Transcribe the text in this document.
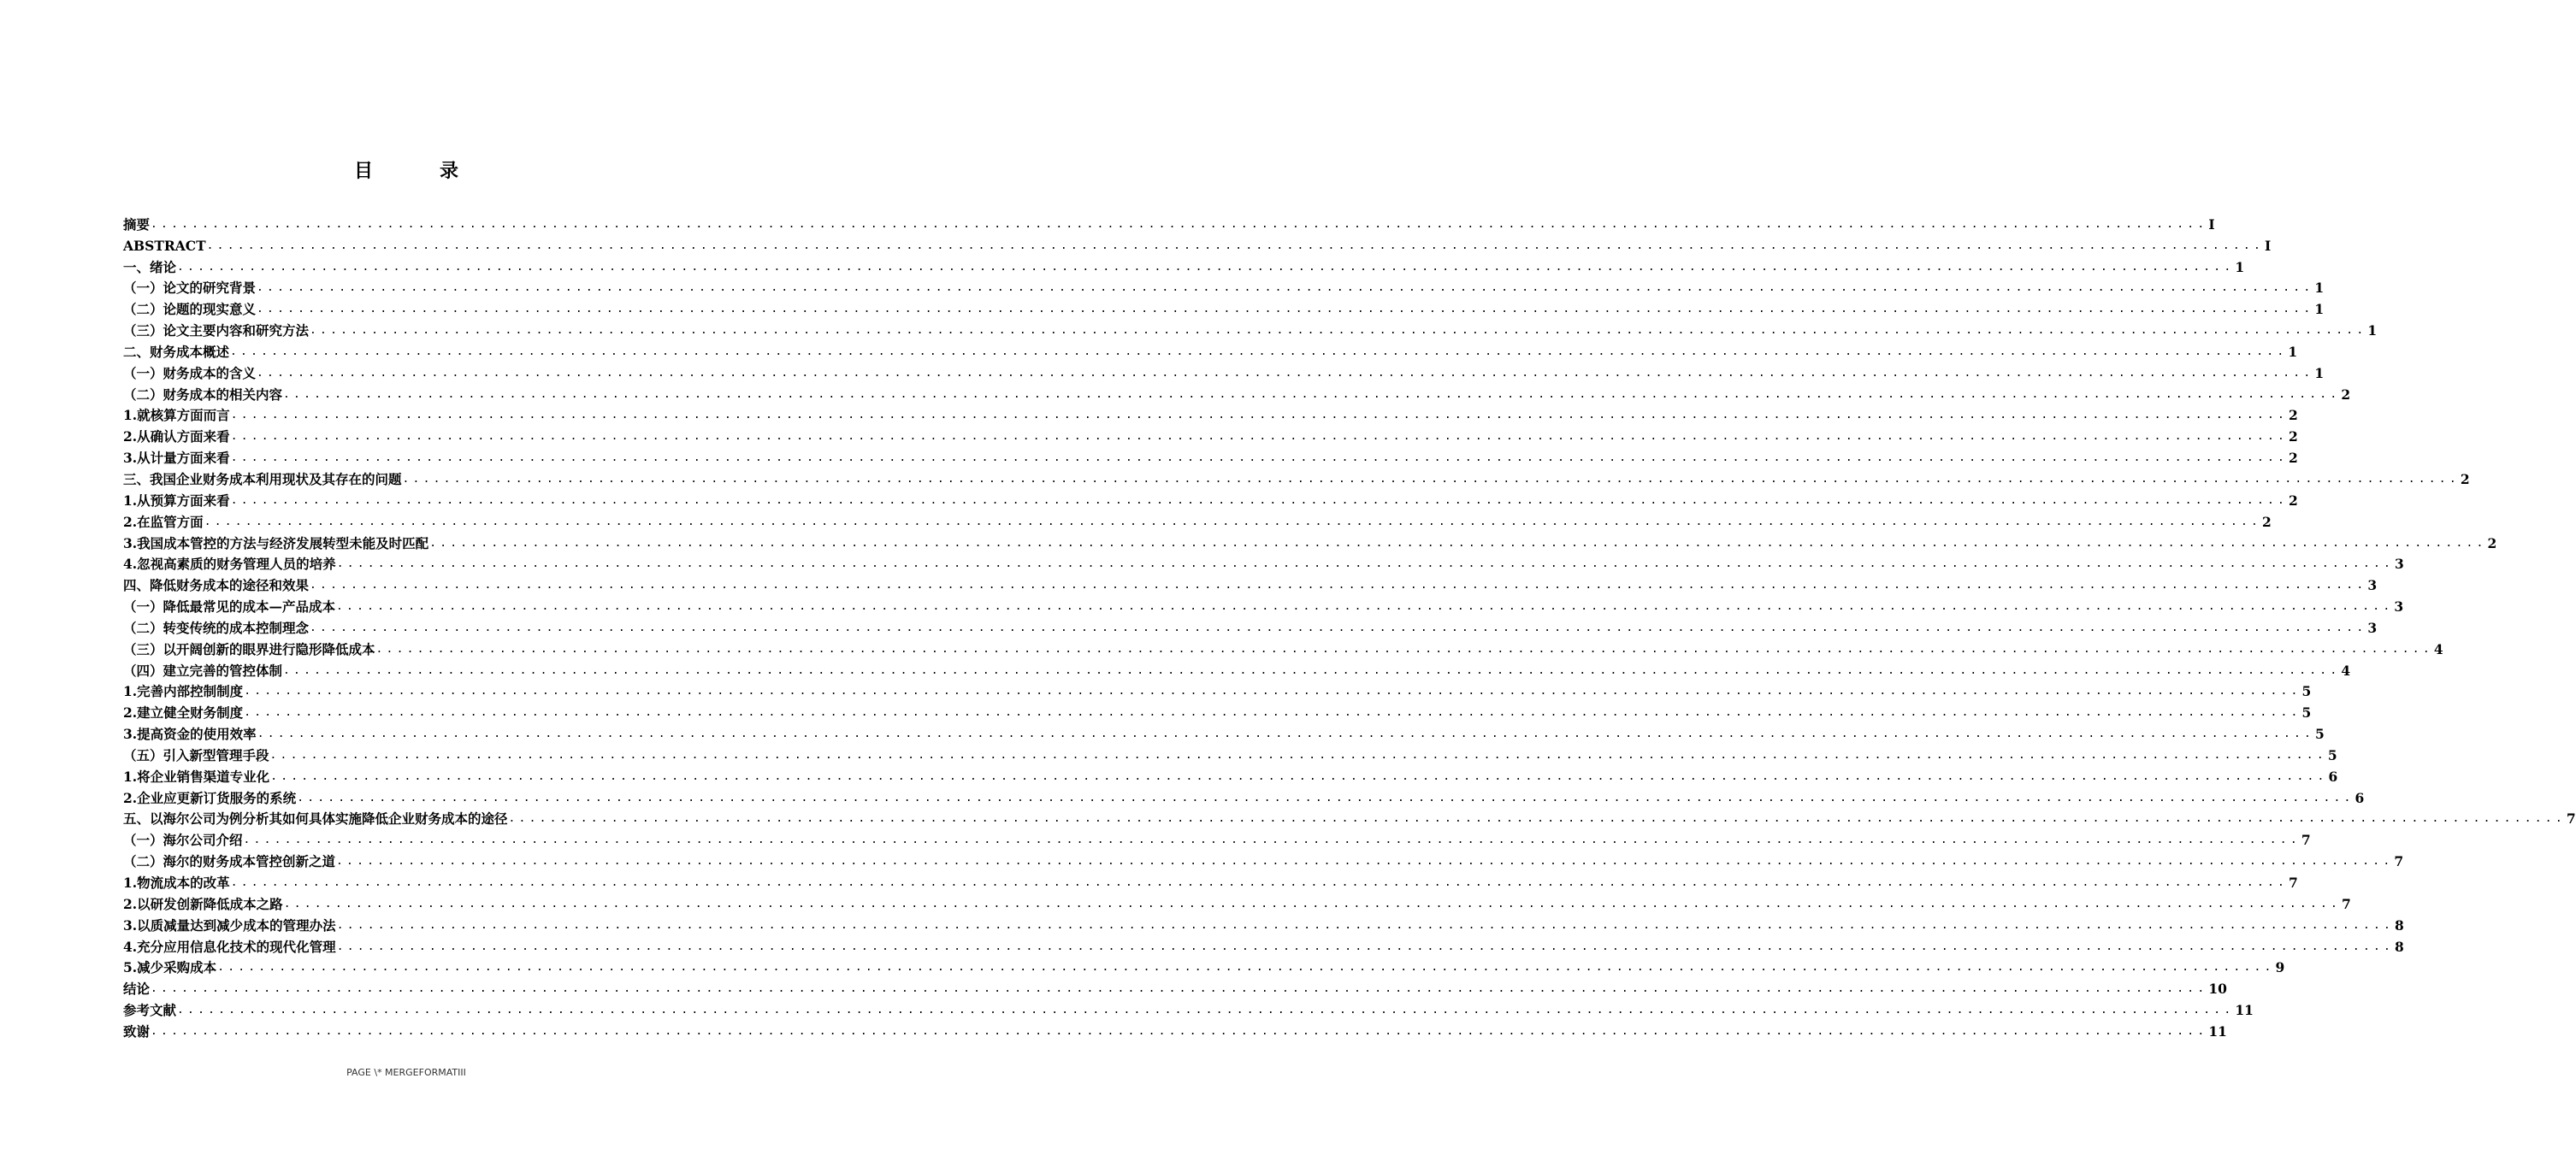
目　录
摘要 ........................................................................................................................................................................................................ I
ABSTRACT ........................................................................................................................................................................................................ I
一、绪论 ........................................................................................................................................................................................................ 1
（一）论文的研究背景 ........................................................................................................................................................................................................ 1
（二）论题的现实意义 ........................................................................................................................................................................................................ 1
（三）论文主要内容和研究方法 ........................................................................................................................................................................................................ 1
二、财务成本概述 ........................................................................................................................................................................................................ 1
（一）财务成本的含义 ........................................................................................................................................................................................................ 1
（二）财务成本的相关内容 ........................................................................................................................................................................................................ 2
1.就核算方面而言 ........................................................................................................................................................................................................ 2
2.从确认方面来看 ........................................................................................................................................................................................................ 2
3.从计量方面来看 ........................................................................................................................................................................................................ 2
三、我国企业财务成本利用现状及其存在的问题 ........................................................................................................................................................................................................ 2
1.从预算方面来看 ........................................................................................................................................................................................................ 2
2.在监管方面 ........................................................................................................................................................................................................ 2
3.我国成本管控的方法与经济发展转型未能及时匹配 ........................................................................................................................................................................................................ 2
4.忽视高素质的财务管理人员的培养 ........................................................................................................................................................................................................ 3
四、降低财务成本的途径和效果 ........................................................................................................................................................................................................ 3
（一）降低最常见的成本—产品成本 ........................................................................................................................................................................................................ 3
（二）转变传统的成本控制理念 ........................................................................................................................................................................................................ 3
（三）以开阔创新的眼界进行隐形降低成本 ........................................................................................................................................................................................................ 4
（四）建立完善的管控体制 ........................................................................................................................................................................................................ 4
1.完善内部控制制度 ........................................................................................................................................................................................................ 5
2.建立健全财务制度 ........................................................................................................................................................................................................ 5
3.提高资金的使用效率 ........................................................................................................................................................................................................ 5
（五）引入新型管理手段 ........................................................................................................................................................................................................ 5
1.将企业销售渠道专业化 ........................................................................................................................................................................................................ 6
2.企业应更新订货服务的系统 ........................................................................................................................................................................................................ 6
五、以海尔公司为例分析其如何具体实施降低企业财务成本的途径 ........................................................................................................................................................................................................ 7
（一）海尔公司介绍 ........................................................................................................................................................................................................ 7
（二）海尔的财务成本管控创新之道 ........................................................................................................................................................................................................ 7
1.物流成本的改革 ........................................................................................................................................................................................................ 7
2.以研发创新降低成本之路 ........................................................................................................................................................................................................ 7
3.以质减量达到减少成本的管理办法 ........................................................................................................................................................................................................ 8
4.充分应用信息化技术的现代化管理 ........................................................................................................................................................................................................ 8
5.减少采购成本 ........................................................................................................................................................................................................ 9
结论 ........................................................................................................................................................................................................ 10
参考文献 ........................................................................................................................................................................................................ 11
致谢 ........................................................................................................................................................................................................ 11
PAGE \* MERGEFORMATIII
